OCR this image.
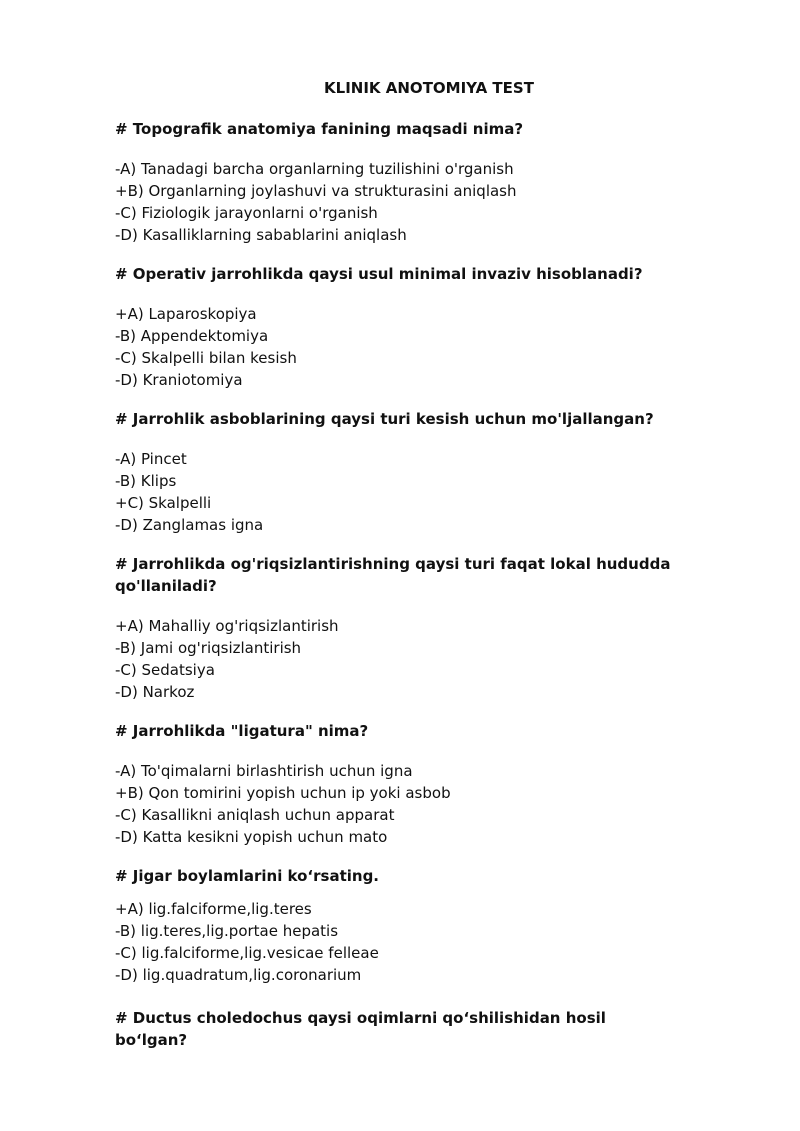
KLINIK ANOTOMIYA TEST

# Topografik anatomiya fanining maqsadi nima?

-A) Tanadagi barcha organlarning tuzilishini o'rganish
+B) Organlarning joylashuvi va strukturasini aniqlash
-C) Fiziologik jarayonlarni o'rganish
-D) Kasalliklarning sabablarini aniqlash

# Operativ jarrohlikda qaysi usul minimal invaziv hisoblanadi?

+A) Laparoskopiya
-B) Appendektomiya
-C) Skalpelli bilan kesish
-D) Kraniotomiya

# Jarrohlik asboblarining qaysi turi kesish uchun mo'ljallangan?

-A) Pincet
-B) Klips
+C) Skalpelli
-D) Zanglamas igna

# Jarrohlikda og'riqsizlantirishning qaysi turi faqat lokal hududda qo'llaniladi?

+A) Mahalliy og'riqsizlantirish
-B) Jami og'riqsizlantirish
-C) Sedatsiya
-D) Narkoz

# Jarrohlikda "ligatura" nima?

-A) To'qimalarni birlashtirish uchun igna
+B) Qon tomirini yopish uchun ip yoki asbob
-C) Kasallikni aniqlash uchun apparat
-D) Katta kesikni yopish uchun mato

# Jigar boylamlarini ko‘rsating.

+A) lig.falciforme,lig.teres
-B) lig.teres,lig.portae hepatis
-C) lig.falciforme,lig.vesicae felleae
-D) lig.quadratum,lig.coronarium

# Ductus choledochus qaysi oqimlarni qo‘shilishidan hosil bo‘lgan?
